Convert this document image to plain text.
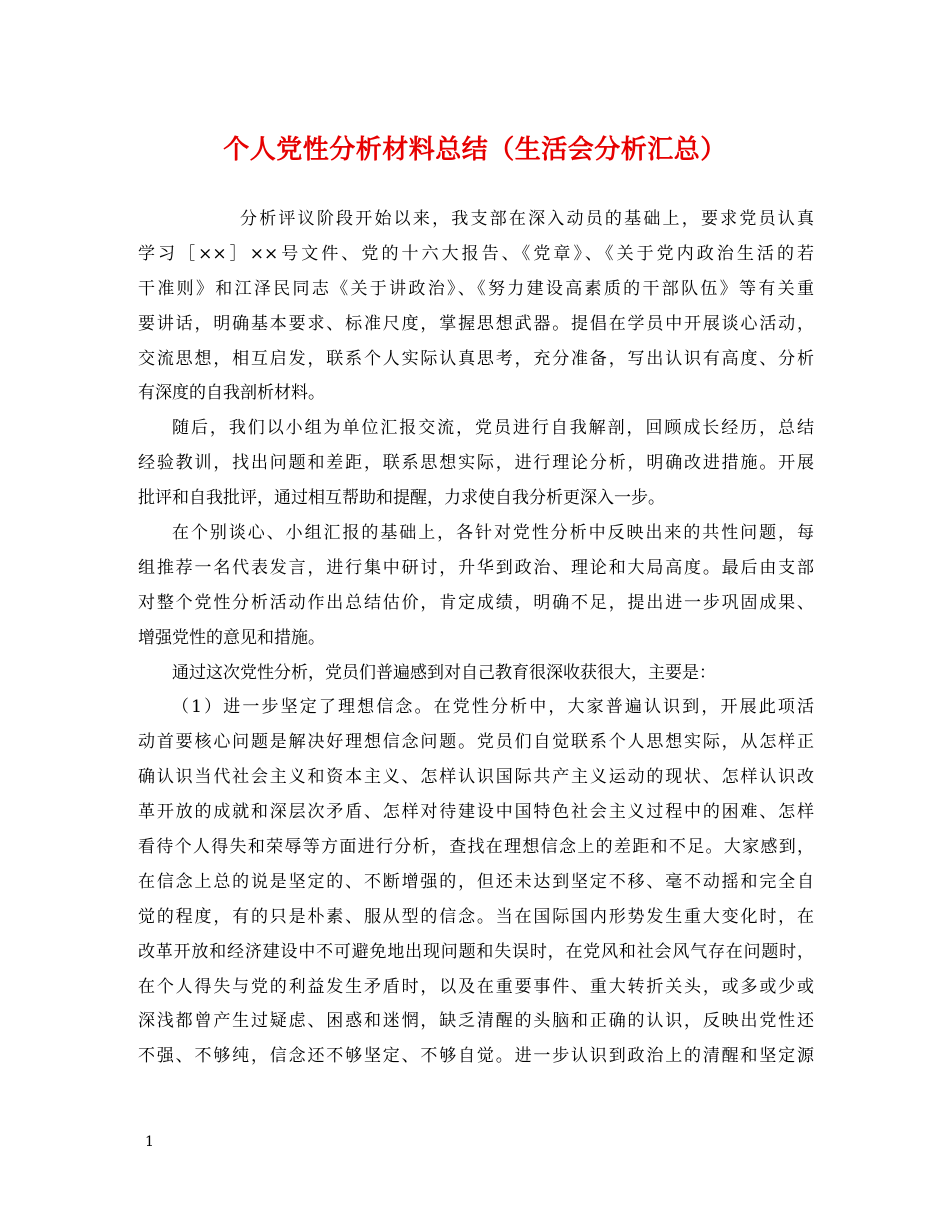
个人党性分析材料总结（生活会分析汇总）
分析评议阶段开始以来，我支部在深入动员的基础上，要求党员认真
学习［××］××号文件、党的十六大报告、《党章》、《关于党内政治生活的若
干准则》和江泽民同志《关于讲政治》、《努力建设高素质的干部队伍》等有关重
要讲话，明确基本要求、标准尺度，掌握思想武器。提倡在学员中开展谈心活动，
交流思想，相互启发，联系个人实际认真思考，充分准备，写出认识有高度、分析
有深度的自我剖析材料。
随后，我们以小组为单位汇报交流，党员进行自我解剖，回顾成长经历，总结
经验教训，找出问题和差距，联系思想实际，进行理论分析，明确改进措施。开展
批评和自我批评，通过相互帮助和提醒，力求使自我分析更深入一步。
在个别谈心、小组汇报的基础上，各针对党性分析中反映出来的共性问题，每
组推荐一名代表发言，进行集中研讨，升华到政治、理论和大局高度。最后由支部
对整个党性分析活动作出总结估价，肯定成绩，明确不足，提出进一步巩固成果、
增强党性的意见和措施。
通过这次党性分析，党员们普遍感到对自己教育很深收获很大，主要是：
（1）进一步坚定了理想信念。在党性分析中，大家普遍认识到，开展此项活
动首要核心问题是解决好理想信念问题。党员们自觉联系个人思想实际，从怎样正
确认识当代社会主义和资本主义、怎样认识国际共产主义运动的现状、怎样认识改
革开放的成就和深层次矛盾、怎样对待建设中国特色社会主义过程中的困难、怎样
看待个人得失和荣辱等方面进行分析，查找在理想信念上的差距和不足。大家感到，
在信念上总的说是坚定的、不断增强的，但还未达到坚定不移、毫不动摇和完全自
觉的程度，有的只是朴素、服从型的信念。当在国际国内形势发生重大变化时，在
改革开放和经济建设中不可避免地出现问题和失误时，在党风和社会风气存在问题时，
在个人得失与党的利益发生矛盾时，以及在重要事件、重大转折关头，或多或少或
深浅都曾产生过疑虑、困惑和迷惘，缺乏清醒的头脑和正确的认识，反映出党性还
不强、不够纯，信念还不够坚定、不够自觉。进一步认识到政治上的清醒和坚定源
1
